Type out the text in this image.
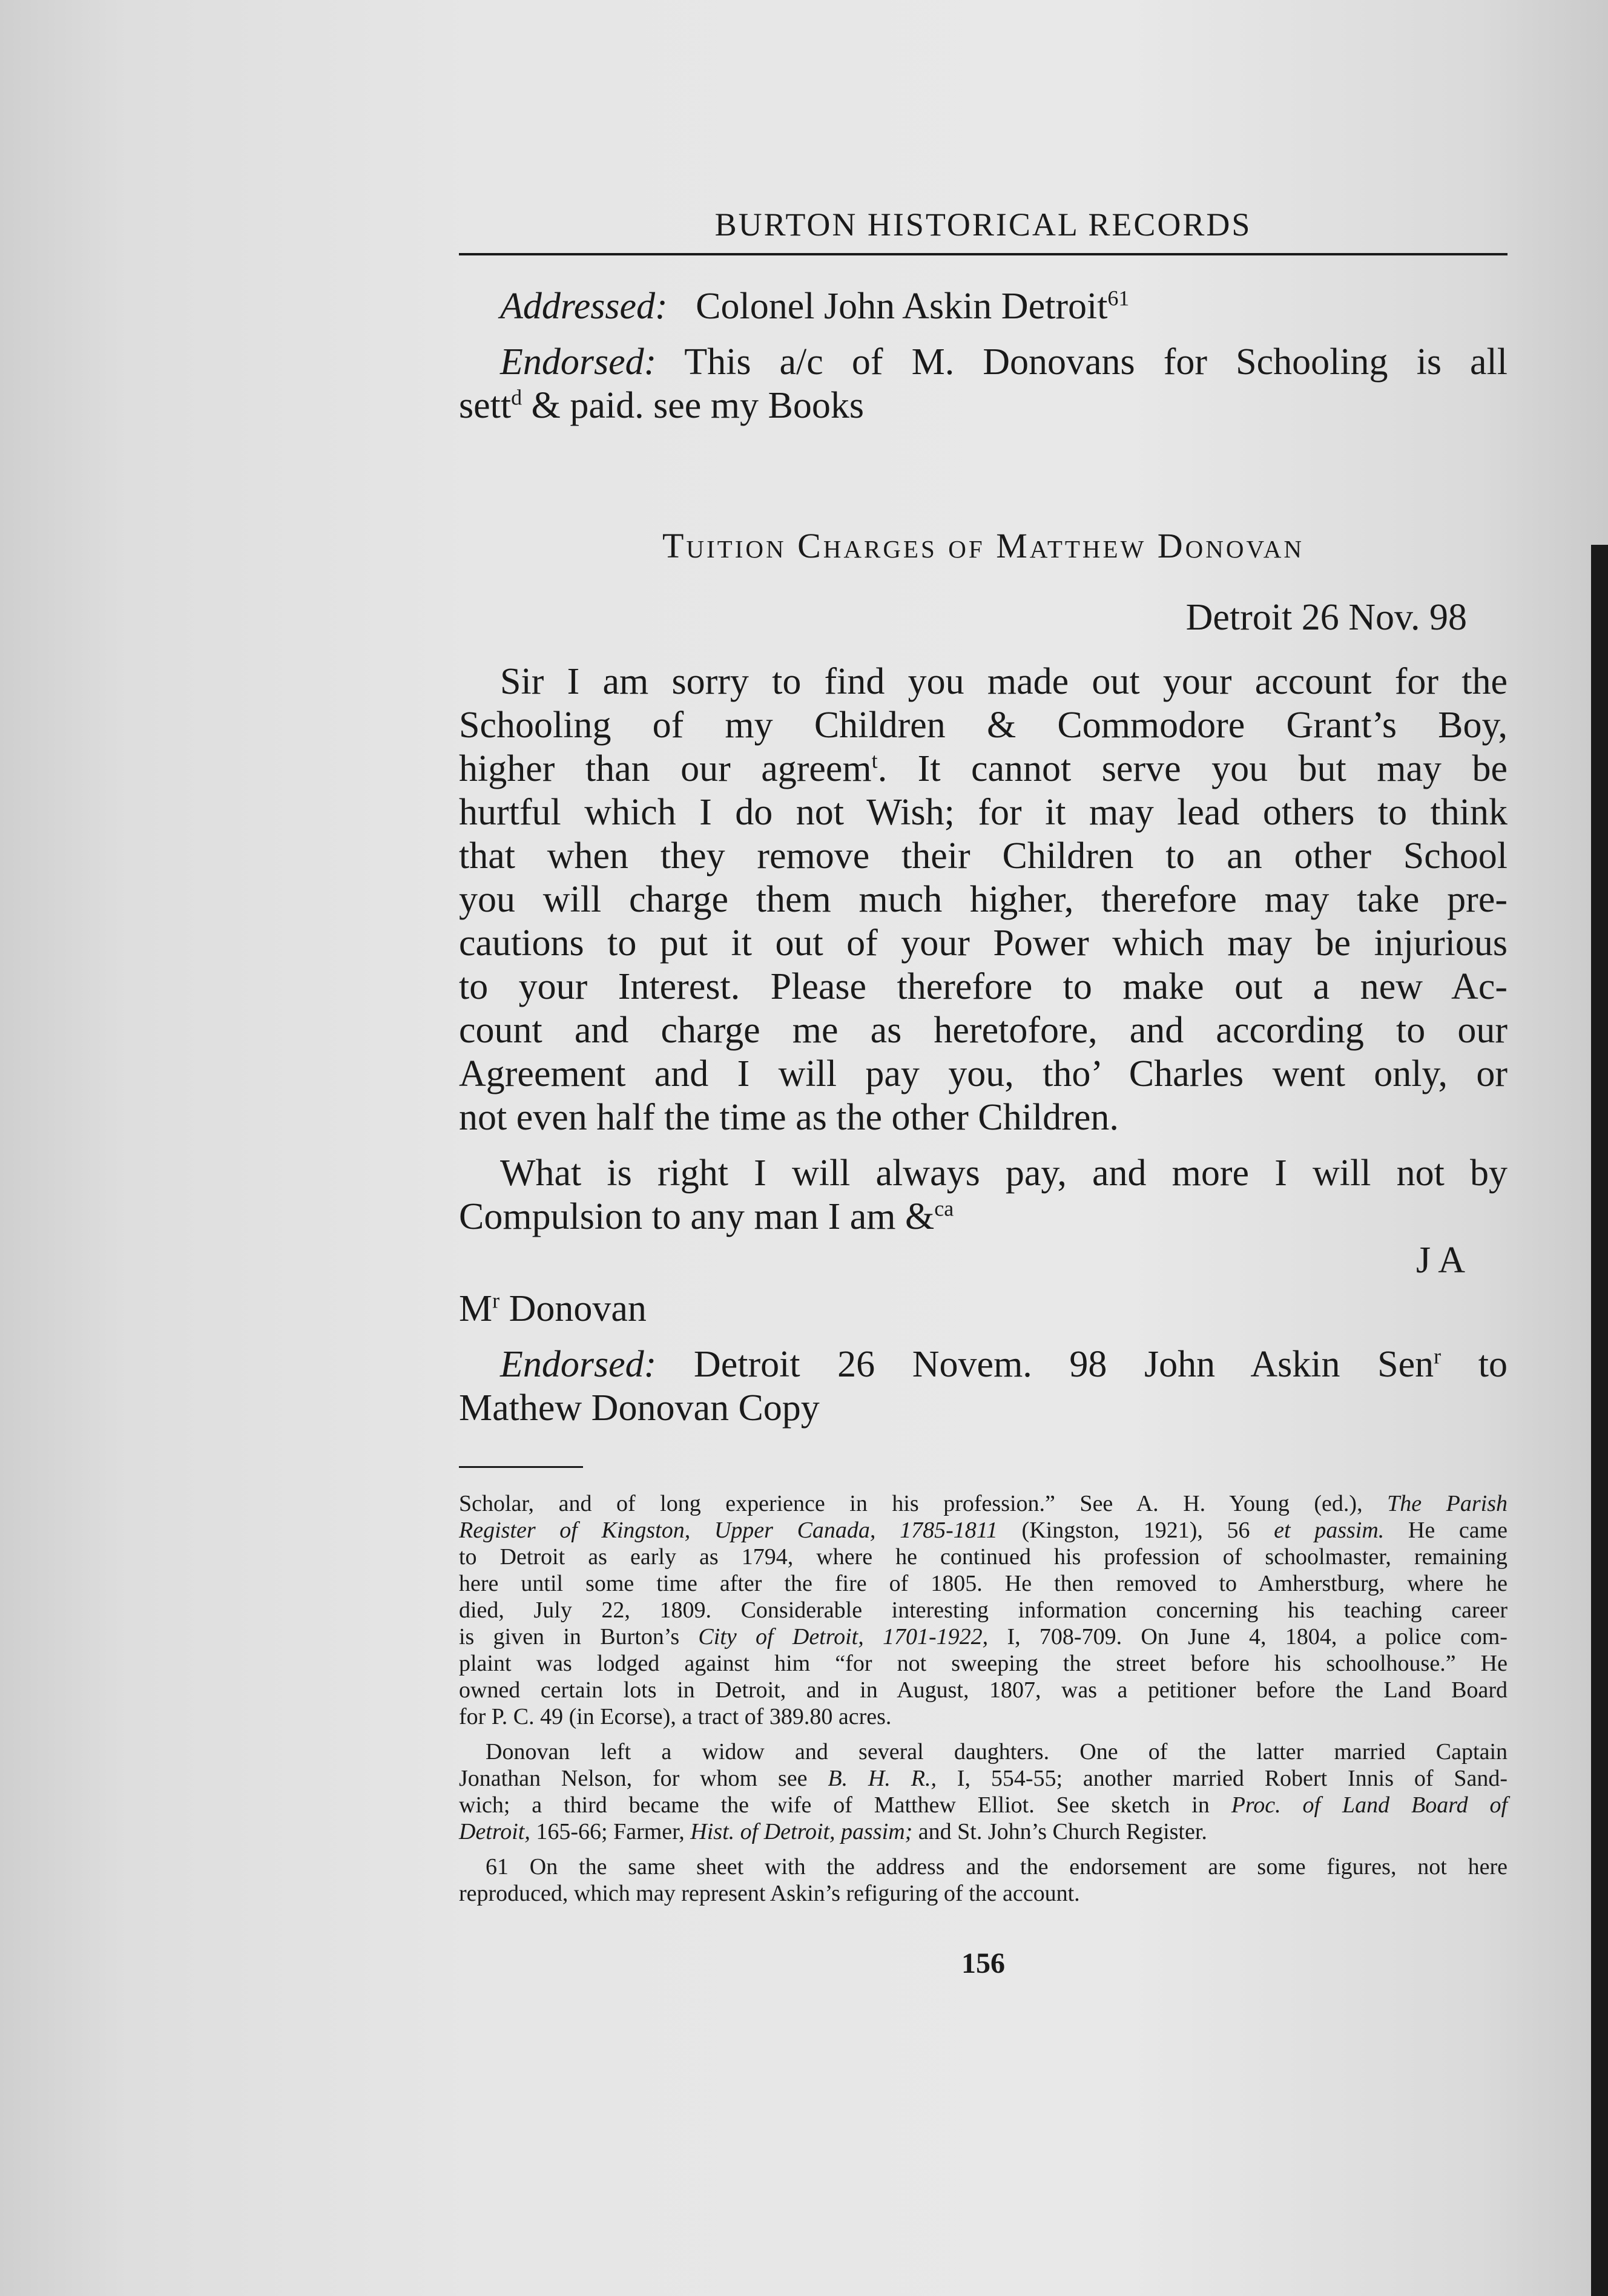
BURTON HISTORICAL RECORDS
Addressed: Colonel John Askin Detroit$^{61}$
Endorsed: This a/c of M. Donovans for Schooling is all
sett$^d$ & paid. see my Books
Tuition Charges of Matthew Donovan
Detroit 26 Nov. 98
Sir I am sorry to find you made out your account for the
Schooling of my Children & Commodore Grant’s Boy,
higher than our agreem$^t$. It cannot serve you but may be
hurtful which I do not Wish; for it may lead others to think
that when they remove their Children to an other School
you will charge them much higher, therefore may take pre-
cautions to put it out of your Power which may be injurious
to your Interest. Please therefore to make out a new Ac-
count and charge me as heretofore, and according to our
Agreement and I will pay you, tho’ Charles went only, or
not even half the time as the other Children.
What is right I will always pay, and more I will not by
Compulsion to any man I am &$^{ca}$
J A
$M^r$ Donovan
Endorsed: Detroit 26 Novem. 98 John Askin Sen$^r$ to
Mathew Donovan Copy
Scholar, and of long experience in his profession.” See A. H. Young (ed.), The Parish
Register of Kingston, Upper Canada, 1785-1811 (Kingston, 1921), 56 et passim. He came
to Detroit as early as 1794, where he continued his profession of schoolmaster, remaining
here until some time after the fire of 1805. He then removed to Amherstburg, where he
died, July 22, 1809. Considerable interesting information concerning his teaching career
is given in Burton’s City of Detroit, 1701-1922, I, 708-709. On June 4, 1804, a police com-
plaint was lodged against him “for not sweeping the street before his schoolhouse.” He
owned certain lots in Detroit, and in August, 1807, was a petitioner before the Land Board
for P. C. 49 (in Ecorse), a tract of 389.80 acres.
Donovan left a widow and several daughters. One of the latter married Captain
Jonathan Nelson, for whom see B. H. R., I, 554-55; another married Robert Innis of Sand-
wich; a third became the wife of Matthew Elliot. See sketch in Proc. of Land Board of
Detroit, 165-66; Farmer, Hist. of Detroit, passim; and St. John’s Church Register.
61 On the same sheet with the address and the endorsement are some figures, not here
reproduced, which may represent Askin’s refiguring of the account.
156
